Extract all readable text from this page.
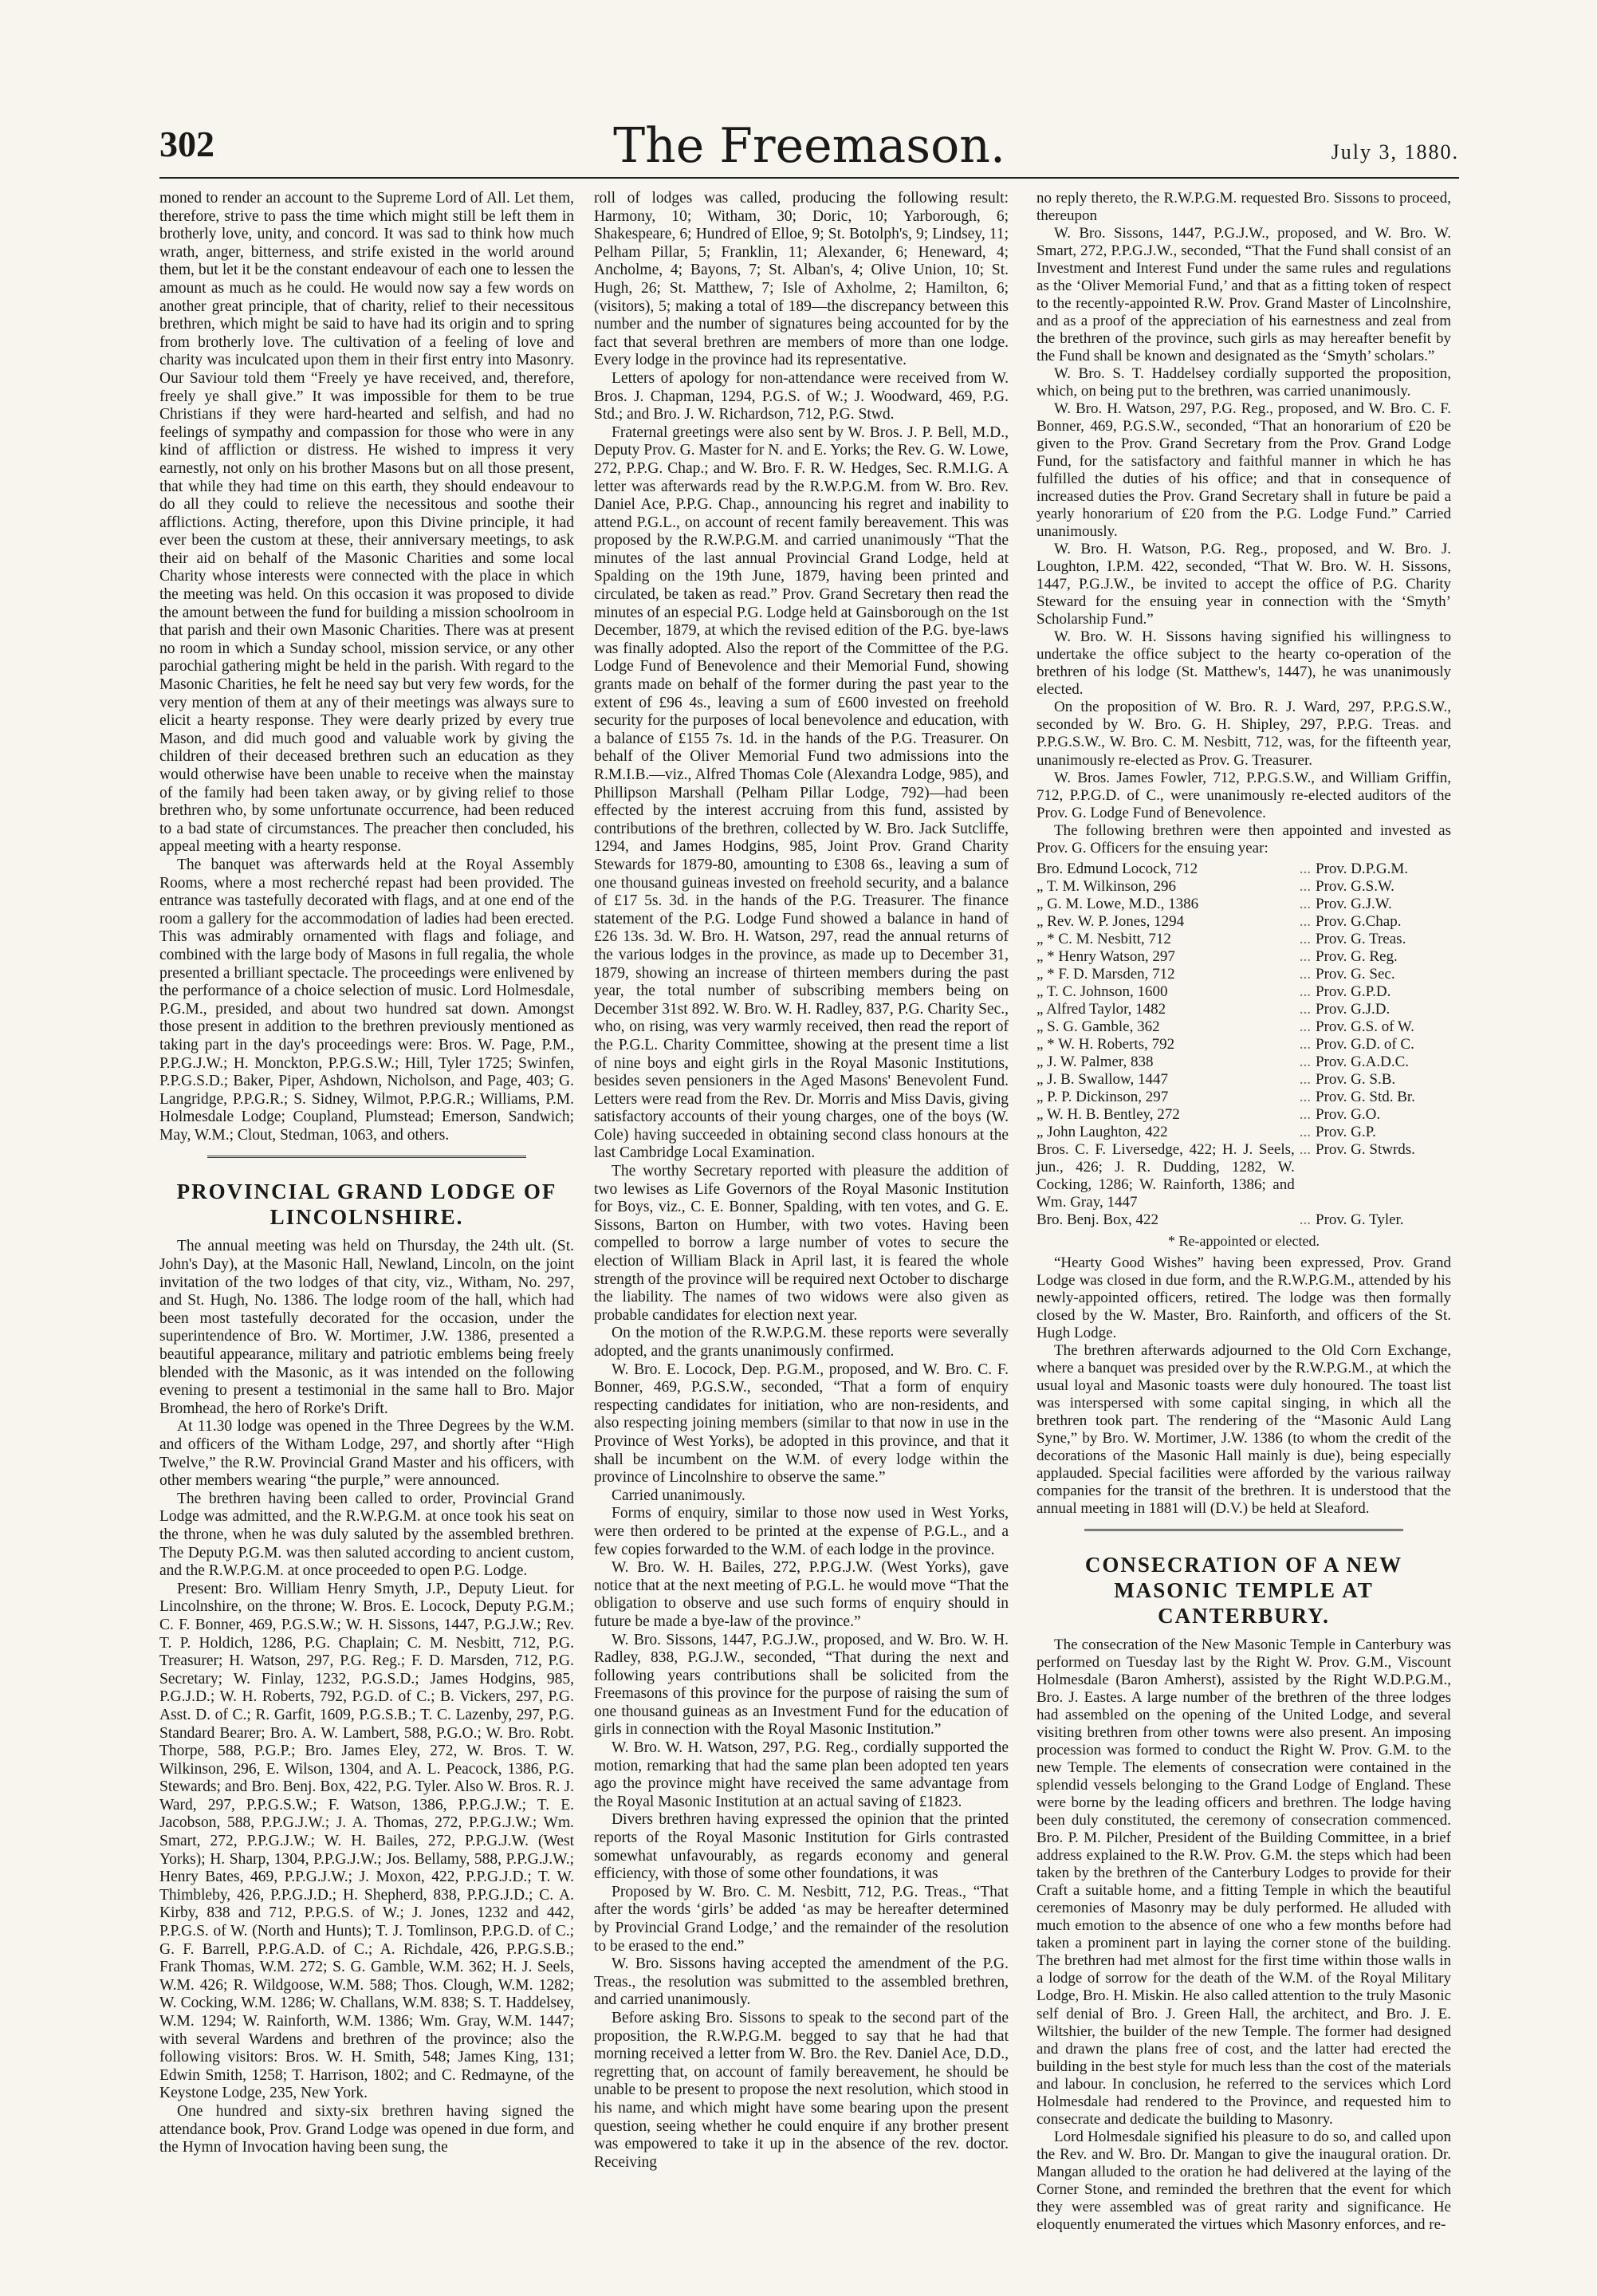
302	The Freemason.	July 3, 1880.

moned to render an account to the Supreme Lord of All. Let them, therefore, strive to pass the time which might still be left them in brotherly love, unity, and concord. It was sad to think how much wrath, anger, bitterness, and strife existed in the world around them, but let it be the constant endeavour of each one to lessen the amount as much as he could. He would now say a few words on another great principle, that of charity, relief to their necessitous brethren, which might be said to have had its origin and to spring from brotherly love. The cultivation of a feeling of love and charity was inculcated upon them in their first entry into Masonry. Our Saviour told them “Freely ye have received, and, therefore, freely ye shall give.” It was impossible for them to be true Christians if they were hard-hearted and selfish, and had no feelings of sympathy and compassion for those who were in any kind of affliction or distress. He wished to impress it very earnestly, not only on his brother Masons but on all those present, that while they had time on this earth, they should endeavour to do all they could to relieve the necessitous and soothe their afflictions. Acting, therefore, upon this Divine principle, it had ever been the custom at these, their anniversary meetings, to ask their aid on behalf of the Masonic Charities and some local Charity whose interests were connected with the place in which the meeting was held. On this occasion it was proposed to divide the amount between the fund for building a mission schoolroom in that parish and their own Masonic Charities. There was at present no room in which a Sunday school, mission service, or any other parochial gathering might be held in the parish. With regard to the Masonic Charities, he felt he need say but very few words, for the very mention of them at any of their meetings was always sure to elicit a hearty response. They were dearly prized by every true Mason, and did much good and valuable work by giving the children of their deceased brethren such an education as they would otherwise have been unable to receive when the mainstay of the family had been taken away, or by giving relief to those brethren who, by some unfortunate occurrence, had been reduced to a bad state of circumstances. The preacher then concluded, his appeal meeting with a hearty response.

The banquet was afterwards held at the Royal Assembly Rooms, where a most recherché repast had been provided. The entrance was tastefully decorated with flags, and at one end of the room a gallery for the accommodation of ladies had been erected. This was admirably ornamented with flags and foliage, and combined with the large body of Masons in full regalia, the whole presented a brilliant spectacle. The proceedings were enlivened by the performance of a choice selection of music. Lord Holmesdale, P.G.M., presided, and about two hundred sat down. Amongst those present in addition to the brethren previously mentioned as taking part in the day's proceedings were: Bros. W. Page, P.M., P.P.G.J.W.; H. Monckton, P.P.G.S.W.; Hill, Tyler 1725; Swinfen, P.P.G.S.D.; Baker, Piper, Ashdown, Nicholson, and Page, 403; G. Langridge, P.P.G.R.; S. Sidney, Wilmot, P.P.G.R.; Williams, P.M. Holmesdale Lodge; Coupland, Plumstead; Emerson, Sandwich; May, W.M.; Clout, Stedman, 1063, and others.

PROVINCIAL GRAND LODGE OF LINCOLNSHIRE.

The annual meeting was held on Thursday, the 24th ult. (St. John's Day), at the Masonic Hall, Newland, Lincoln, on the joint invitation of the two lodges of that city, viz., Witham, No. 297, and St. Hugh, No. 1386. The lodge room of the hall, which had been most tastefully decorated for the occasion, under the superintendence of Bro. W. Mortimer, J.W. 1386, presented a beautiful appearance, military and patriotic emblems being freely blended with the Masonic, as it was intended on the following evening to present a testimonial in the same hall to Bro. Major Bromhead, the hero of Rorke's Drift.

At 11.30 lodge was opened in the Three Degrees by the W.M. and officers of the Witham Lodge, 297, and shortly after “High Twelve,” the R.W. Provincial Grand Master and his officers, with other members wearing “the purple,” were announced.

The brethren having been called to order, Provincial Grand Lodge was admitted, and the R.W.P.G.M. at once took his seat on the throne, when he was duly saluted by the assembled brethren. The Deputy P.G.M. was then saluted according to ancient custom, and the R.W.P.G.M. at once proceeded to open P.G. Lodge.

Present: Bro. William Henry Smyth, J.P., Deputy Lieut. for Lincolnshire, on the throne; W. Bros. E. Locock, Deputy P.G.M.; C. F. Bonner, 469, P.G.S.W.; W. H. Sissons, 1447, P.G.J.W.; Rev. T. P. Holdich, 1286, P.G. Chaplain; C. M. Nesbitt, 712, P.G. Treasurer; H. Watson, 297, P.G. Reg.; F. D. Marsden, 712, P.G. Secretary; W. Finlay, 1232, P.G.S.D.; James Hodgins, 985, P.G.J.D.; W. H. Roberts, 792, P.G.D. of C.; B. Vickers, 297, P.G. Asst. D. of C.; R. Garfit, 1609, P.G.S.B.; T. C. Lazenby, 297, P.G. Standard Bearer; Bro. A. W. Lambert, 588, P.G.O.; W. Bro. Robt. Thorpe, 588, P.G.P.; Bro. James Eley, 272, W. Bros. T. W. Wilkinson, 296, E. Wilson, 1304, and A. L. Peacock, 1386, P.G. Stewards; and Bro. Benj. Box, 422, P.G. Tyler. Also W. Bros. R. J. Ward, 297, P.P.G.S.W.; F. Watson, 1386, P.P.G.J.W.; T. E. Jacobson, 588, P.P.G.J.W.; J. A. Thomas, 272, P.P.G.J.W.; Wm. Smart, 272, P.P.G.J.W.; W. H. Bailes, 272, P.P.G.J.W. (West Yorks); H. Sharp, 1304, P.P.G.J.W.; Jos. Bellamy, 588, P.P.G.J.W.; Henry Bates, 469, P.P.G.J.W.; J. Moxon, 422, P.P.G.J.D.; T. W. Thimbleby, 426, P.P.G.J.D.; H. Shepherd, 838, P.P.G.J.D.; C. A. Kirby, 838 and 712, P.P.G.S. of W.; J. Jones, 1232 and 442, P.P.G.S. of W. (North and Hunts); T. J. Tomlinson, P.P.G.D. of C.; G. F. Barrell, P.P.G.A.D. of C.; A. Richdale, 426, P.P.G.S.B.; Frank Thomas, W.M. 272; S. G. Gamble, W.M. 362; H. J. Seels, W.M. 426; R. Wildgoose, W.M. 588; Thos. Clough, W.M. 1282; W. Cocking, W.M. 1286; W. Challans, W.M. 838; S. T. Haddelsey, W.M. 1294; W. Rainforth, W.M. 1386; Wm. Gray, W.M. 1447; with several Wardens and brethren of the province; also the following visitors: Bros. W. H. Smith, 548; James King, 131; Edwin Smith, 1258; T. Harrison, 1802; and C. Redmayne, of the Keystone Lodge, 235, New York.

One hundred and sixty-six brethren having signed the attendance book, Prov. Grand Lodge was opened in due form, and the Hymn of Invocation having been sung, the

roll of lodges was called, producing the following result: Harmony, 10; Witham, 30; Doric, 10; Yarborough, 6; Shakespeare, 6; Hundred of Elloe, 9; St. Botolph's, 9; Lindsey, 11; Pelham Pillar, 5; Franklin, 11; Alexander, 6; Heneward, 4; Ancholme, 4; Bayons, 7; St. Alban's, 4; Olive Union, 10; St. Hugh, 26; St. Matthew, 7; Isle of Axholme, 2; Hamilton, 6; (visitors), 5; making a total of 189—the discrepancy between this number and the number of signatures being accounted for by the fact that several brethren are members of more than one lodge. Every lodge in the province had its representative.

Letters of apology for non-attendance were received from W. Bros. J. Chapman, 1294, P.G.S. of W.; J. Woodward, 469, P.G. Std.; and Bro. J. W. Richardson, 712, P.G. Stwd.

Fraternal greetings were also sent by W. Bros. J. P. Bell, M.D., Deputy Prov. G. Master for N. and E. Yorks; the Rev. G. W. Lowe, 272, P.P.G. Chap.; and W. Bro. F. R. W. Hedges, Sec. R.M.I.G. A letter was afterwards read by the R.W.P.G.M. from W. Bro. Rev. Daniel Ace, P.P.G. Chap., announcing his regret and inability to attend P.G.L., on account of recent family bereavement. This was proposed by the R.W.P.G.M. and carried unanimously “That the minutes of the last annual Provincial Grand Lodge, held at Spalding on the 19th June, 1879, having been printed and circulated, be taken as read.” Prov. Grand Secretary then read the minutes of an especial P.G. Lodge held at Gainsborough on the 1st December, 1879, at which the revised edition of the P.G. bye-laws was finally adopted. Also the report of the Committee of the P.G. Lodge Fund of Benevolence and their Memorial Fund, showing grants made on behalf of the former during the past year to the extent of £96 4s., leaving a sum of £600 invested on freehold security for the purposes of local benevolence and education, with a balance of £155 7s. 1d. in the hands of the P.G. Treasurer. On behalf of the Oliver Memorial Fund two admissions into the R.M.I.B.—viz., Alfred Thomas Cole (Alexandra Lodge, 985), and Phillipson Marshall (Pelham Pillar Lodge, 792)—had been effected by the interest accruing from this fund, assisted by contributions of the brethren, collected by W. Bro. Jack Sutcliffe, 1294, and James Hodgins, 985, Joint Prov. Grand Charity Stewards for 1879-80, amounting to £308 6s., leaving a sum of one thousand guineas invested on freehold security, and a balance of £17 5s. 3d. in the hands of the P.G. Treasurer. The finance statement of the P.G. Lodge Fund showed a balance in hand of £26 13s. 3d. W. Bro. H. Watson, 297, read the annual returns of the various lodges in the province, as made up to December 31, 1879, showing an increase of thirteen members during the past year, the total number of subscribing members being on December 31st 892. W. Bro. W. H. Radley, 837, P.G. Charity Sec., who, on rising, was very warmly received, then read the report of the P.G.L. Charity Committee, showing at the present time a list of nine boys and eight girls in the Royal Masonic Institutions, besides seven pensioners in the Aged Masons' Benevolent Fund. Letters were read from the Rev. Dr. Morris and Miss Davis, giving satisfactory accounts of their young charges, one of the boys (W. Cole) having succeeded in obtaining second class honours at the last Cambridge Local Examination.

The worthy Secretary reported with pleasure the addition of two lewises as Life Governors of the Royal Masonic Institution for Boys, viz., C. E. Bonner, Spalding, with ten votes, and G. E. Sissons, Barton on Humber, with two votes. Having been compelled to borrow a large number of votes to secure the election of William Black in April last, it is feared the whole strength of the province will be required next October to discharge the liability. The names of two widows were also given as probable candidates for election next year.

On the motion of the R.W.P.G.M. these reports were severally adopted, and the grants unanimously confirmed.

W. Bro. E. Locock, Dep. P.G.M., proposed, and W. Bro. C. F. Bonner, 469, P.G.S.W., seconded, “That a form of enquiry respecting candidates for initiation, who are non-residents, and also respecting joining members (similar to that now in use in the Province of West Yorks), be adopted in this province, and that it shall be incumbent on the W.M. of every lodge within the province of Lincolnshire to observe the same.”

Carried unanimously.

Forms of enquiry, similar to those now used in West Yorks, were then ordered to be printed at the expense of P.G.L., and a few copies forwarded to the W.M. of each lodge in the province.

W. Bro. W. H. Bailes, 272, P.P.G.J.W. (West Yorks), gave notice that at the next meeting of P.G.L. he would move “That the obligation to observe and use such forms of enquiry should in future be made a bye-law of the province.”

W. Bro. Sissons, 1447, P.G.J.W., proposed, and W. Bro. W. H. Radley, 838, P.G.J.W., seconded, “That during the next and following years contributions shall be solicited from the Freemasons of this province for the purpose of raising the sum of one thousand guineas as an Investment Fund for the education of girls in connection with the Royal Masonic Institution.”

W. Bro. W. H. Watson, 297, P.G. Reg., cordially supported the motion, remarking that had the same plan been adopted ten years ago the province might have received the same advantage from the Royal Masonic Institution at an actual saving of £1823.

Divers brethren having expressed the opinion that the printed reports of the Royal Masonic Institution for Girls contrasted somewhat unfavourably, as regards economy and general efficiency, with those of some other foundations, it was

Proposed by W. Bro. C. M. Nesbitt, 712, P.G. Treas., “That after the words ‘girls’ be added ‘as may be hereafter determined by Provincial Grand Lodge,’ and the remainder of the resolution to be erased to the end.”

W. Bro. Sissons having accepted the amendment of the P.G. Treas., the resolution was submitted to the assembled brethren, and carried unanimously.

Before asking Bro. Sissons to speak to the second part of the proposition, the R.W.P.G.M. begged to say that he had that morning received a letter from W. Bro. the Rev. Daniel Ace, D.D., regretting that, on account of family bereavement, he should be unable to be present to propose the next resolution, which stood in his name, and which might have some bearing upon the present question, seeing whether he could enquire if any brother present was empowered to take it up in the absence of the rev. doctor. Receiving

no reply thereto, the R.W.P.G.M. requested Bro. Sissons to proceed, thereupon

W. Bro. Sissons, 1447, P.G.J.W., proposed, and W. Bro. W. Smart, 272, P.P.G.J.W., seconded, “That the Fund shall consist of an Investment and Interest Fund under the same rules and regulations as the ‘Oliver Memorial Fund,’ and that as a fitting token of respect to the recently-appointed R.W. Prov. Grand Master of Lincolnshire, and as a proof of the appreciation of his earnestness and zeal from the brethren of the province, such girls as may hereafter benefit by the Fund shall be known and designated as the ‘Smyth’ scholars.”

W. Bro. S. T. Haddelsey cordially supported the proposition, which, on being put to the brethren, was carried unanimously.

W. Bro. H. Watson, 297, P.G. Reg., proposed, and W. Bro. C. F. Bonner, 469, P.G.S.W., seconded, “That an honorarium of £20 be given to the Prov. Grand Secretary from the Prov. Grand Lodge Fund, for the satisfactory and faithful manner in which he has fulfilled the duties of his office; and that in consequence of increased duties the Prov. Grand Secretary shall in future be paid a yearly honorarium of £20 from the P.G. Lodge Fund.” Carried unanimously.

W. Bro. H. Watson, P.G. Reg., proposed, and W. Bro. J. Loughton, I.P.M. 422, seconded, “That W. Bro. W. H. Sissons, 1447, P.G.J.W., be invited to accept the office of P.G. Charity Steward for the ensuing year in connection with the ‘Smyth’ Scholarship Fund.”

W. Bro. W. H. Sissons having signified his willingness to undertake the office subject to the hearty co-operation of the brethren of his lodge (St. Matthew's, 1447), he was unanimously elected.

On the proposition of W. Bro. R. J. Ward, 297, P.P.G.S.W., seconded by W. Bro. G. H. Shipley, 297, P.P.G. Treas. and P.P.G.S.W., W. Bro. C. M. Nesbitt, 712, was, for the fifteenth year, unanimously re-elected as Prov. G. Treasurer.

W. Bros. James Fowler, 712, P.P.G.S.W., and William Griffin, 712, P.P.G.D. of C., were unanimously re-elected auditors of the Prov. G. Lodge Fund of Benevolence.

The following brethren were then appointed and invested as Prov. G. Officers for the ensuing year:

Bro. Edmund Locock, 712	... Prov. D.P.G.M.
„ T. M. Wilkinson, 296	... Prov. G.S.W.
„ G. M. Lowe, M.D., 1386	... Prov. G.J.W.
„ Rev. W. P. Jones, 1294	... Prov. G.Chap.
„ * C. M. Nesbitt, 712	... Prov. G. Treas.
„ * Henry Watson, 297	... Prov. G. Reg.
„ * F. D. Marsden, 712	... Prov. G. Sec.
„ T. C. Johnson, 1600	... Prov. G.P.D.
„ Alfred Taylor, 1482	... Prov. G.J.D.
„ S. G. Gamble, 362	... Prov. G.S. of W.
„ * W. H. Roberts, 792	... Prov. G.D. of C.
„ J. W. Palmer, 838	... Prov. G.A.D.C.
„ J. B. Swallow, 1447	... Prov. G. S.B.
„ P. P. Dickinson, 297	... Prov. G. Std. Br.
„ W. H. B. Bentley, 272	... Prov. G.O.
„ John Laughton, 422	... Prov. G.P.
Bros. C. F. Liversedge, 422; H. J. Seels, jun., 426; J. R. Dudding, 1282, W. Cocking, 1286; W. Rainforth, 1386; and Wm. Gray, 1447
... Prov. G. Stwrds.
Bro. Benj. Box, 422	... Prov. G. Tyler.
* Re-appointed or elected.

“Hearty Good Wishes” having been expressed, Prov. Grand Lodge was closed in due form, and the R.W.P.G.M., attended by his newly-appointed officers, retired. The lodge was then formally closed by the W. Master, Bro. Rainforth, and officers of the St. Hugh Lodge.

The brethren afterwards adjourned to the Old Corn Exchange, where a banquet was presided over by the R.W.P.G.M., at which the usual loyal and Masonic toasts were duly honoured. The toast list was interspersed with some capital singing, in which all the brethren took part. The rendering of the “Masonic Auld Lang Syne,” by Bro. W. Mortimer, J.W. 1386 (to whom the credit of the decorations of the Masonic Hall mainly is due), being especially applauded. Special facilities were afforded by the various railway companies for the transit of the brethren. It is understood that the annual meeting in 1881 will (D.V.) be held at Sleaford.

CONSECRATION OF A NEW MASONIC TEMPLE AT CANTERBURY.

The consecration of the New Masonic Temple in Canterbury was performed on Tuesday last by the Right W. Prov. G.M., Viscount Holmesdale (Baron Amherst), assisted by the Right W.D.P.G.M., Bro. J. Eastes. A large number of the brethren of the three lodges had assembled on the opening of the United Lodge, and several visiting brethren from other towns were also present. An imposing procession was formed to conduct the Right W. Prov. G.M. to the new Temple. The elements of consecration were contained in the splendid vessels belonging to the Grand Lodge of England. These were borne by the leading officers and brethren. The lodge having been duly constituted, the ceremony of consecration commenced. Bro. P. M. Pilcher, President of the Building Committee, in a brief address explained to the R.W. Prov. G.M. the steps which had been taken by the brethren of the Canterbury Lodges to provide for their Craft a suitable home, and a fitting Temple in which the beautiful ceremonies of Masonry may be duly performed. He alluded with much emotion to the absence of one who a few months before had taken a prominent part in laying the corner stone of the building. The brethren had met almost for the first time within those walls in a lodge of sorrow for the death of the W.M. of the Royal Military Lodge, Bro. H. Miskin. He also called attention to the truly Masonic self denial of Bro. J. Green Hall, the architect, and Bro. J. E. Wiltshier, the builder of the new Temple. The former had designed and drawn the plans free of cost, and the latter had erected the building in the best style for much less than the cost of the materials and labour. In conclusion, he referred to the services which Lord Holmesdale had rendered to the Province, and requested him to consecrate and dedicate the building to Masonry.

Lord Holmesdale signified his pleasure to do so, and called upon the Rev. and W. Bro. Dr. Mangan to give the inaugural oration. Dr. Mangan alluded to the oration he had delivered at the laying of the Corner Stone, and reminded the brethren that the event for which they were assembled was of great rarity and significance. He eloquently enumerated the virtues which Masonry enforces, and re-
